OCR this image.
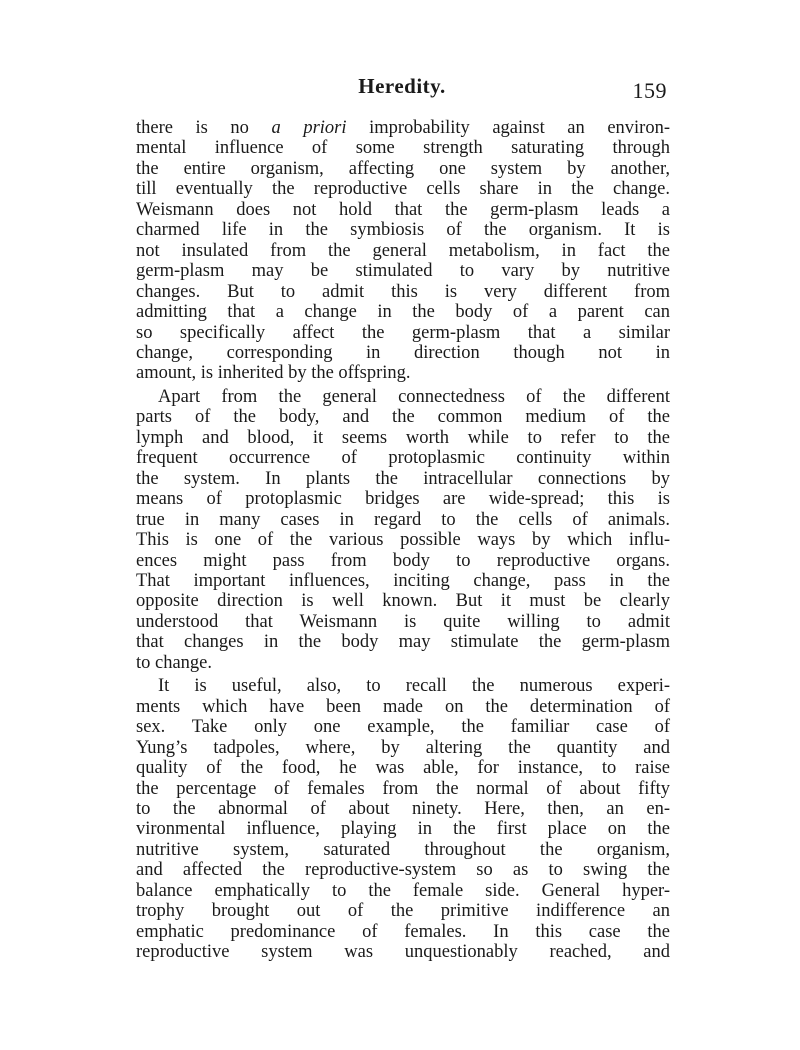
Heredity.	159

there is no a priori improbability against an environ-
mental influence of some strength saturating through
the entire organism, affecting one system by another,
till eventually the reproductive cells share in the change.
Weismann does not hold that the germ-plasm leads a
charmed life in the symbiosis of the organism. It is
not insulated from the general metabolism, in fact the
germ-plasm may be stimulated to vary by nutritive
changes. But to admit this is very different from
admitting that a change in the body of a parent can
so specifically affect the germ-plasm that a similar
change, corresponding in direction though not in
amount, is inherited by the offspring.

Apart from the general connectedness of the different
parts of the body, and the common medium of the
lymph and blood, it seems worth while to refer to the
frequent occurrence of protoplasmic continuity within
the system. In plants the intracellular connections by
means of protoplasmic bridges are wide-spread; this is
true in many cases in regard to the cells of animals.
This is one of the various possible ways by which influ-
ences might pass from body to reproductive organs.
That important influences, inciting change, pass in the
opposite direction is well known. But it must be clearly
understood that Weismann is quite willing to admit
that changes in the body may stimulate the germ-plasm
to change.

It is useful, also, to recall the numerous experi-
ments which have been made on the determination of
sex. Take only one example, the familiar case of
Yung’s tadpoles, where, by altering the quantity and
quality of the food, he was able, for instance, to raise
the percentage of females from the normal of about fifty
to the abnormal of about ninety. Here, then, an en-
vironmental influence, playing in the first place on the
nutritive system, saturated throughout the organism,
and affected the reproductive-system so as to swing the
balance emphatically to the female side. General hyper-
trophy brought out of the primitive indifference an
emphatic predominance of females. In this case the
reproductive system was unquestionably reached, and
